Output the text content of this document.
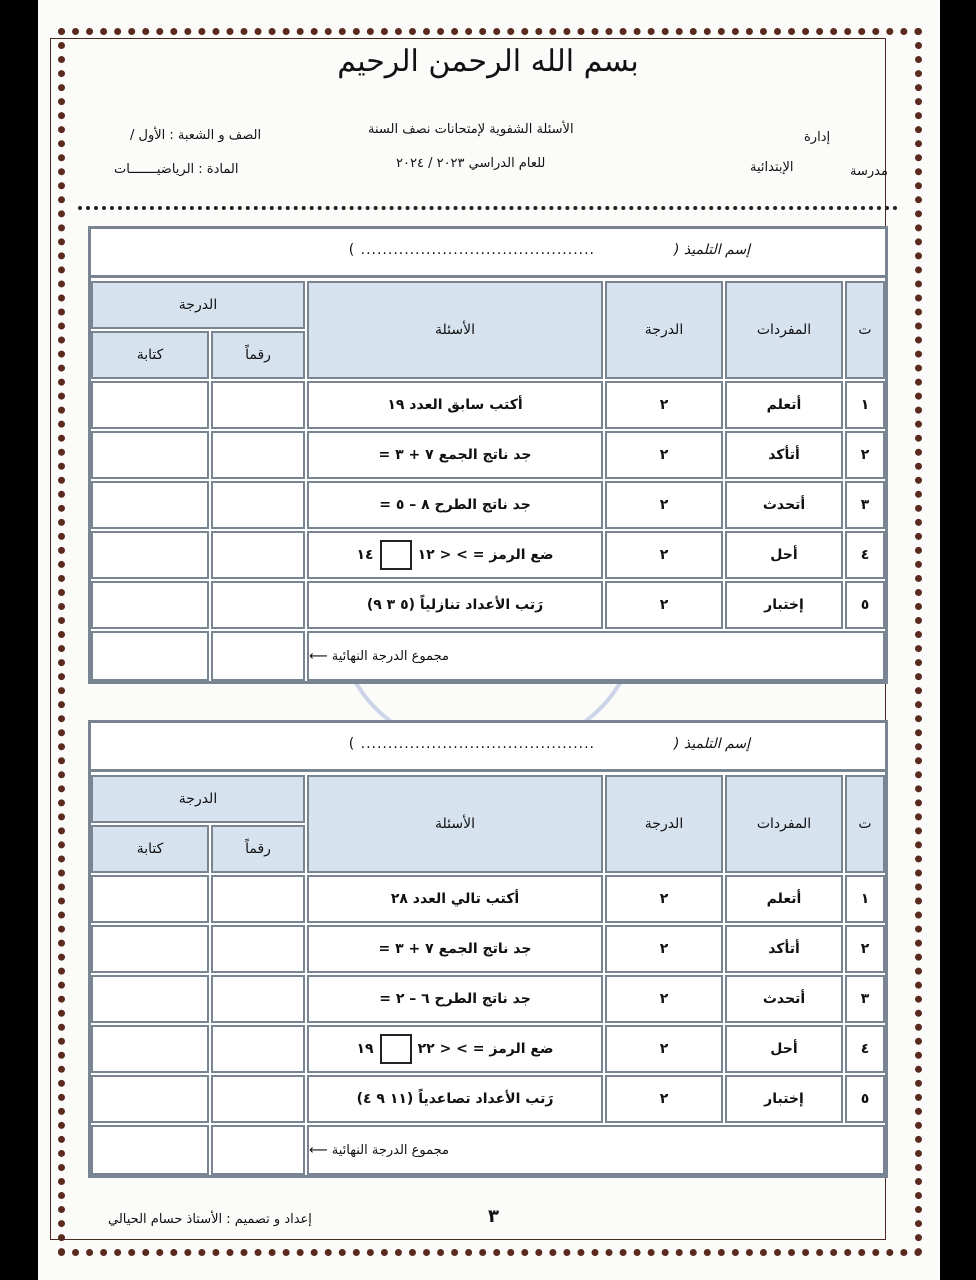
بسم الله الرحمن الرحيم
إدارة
مدرسة
الإبتدائية
الأسئلة الشفوية لإمتحانات نصف السنة
للعام الدراسي ٢٠٢٣ / ٢٠٢٤
الصف و الشعبة : الأول /
المادة : الرياضيـــــــات
إسم التلميذ (
........................................... )
ت
المفردات
الدرجة
الأسئلة
الدرجة
رقماً
كتابة
١
أتعلم
٢
أكتب سابق العدد ١٩
٢
أتأكد
٢
جد ناتج الجمع ٧ + ٣ =
٣
أتحدث
٢
جد ناتج الطرح ٨ – ٥ =
٤
أحل
٢
ضع الرمز = > < ١٢
١٤
٥
إختبار
٢
رَتب الأعداد تنازلياً (٥ ٣ ٩)
مجموع الدرجة النهائية ⟵
إسم التلميذ (
........................................... )
ت
المفردات
الدرجة
الأسئلة
الدرجة
رقماً
كتابة
١
أتعلم
٢
أكتب تالي العدد ٢٨
٢
أتأكد
٢
جد ناتج الجمع ٧ + ٣ =
٣
أتحدث
٢
جد ناتج الطرح ٦ – ٢ =
٤
أحل
٢
ضع الرمز = > < ٢٢
١٩
٥
إختبار
٢
رَتب الأعداد تصاعدياً (١١ ٩ ٤)
مجموع الدرجة النهائية ⟵
٣
إعداد و تصميم : الأستاذ حسام الحيالي
